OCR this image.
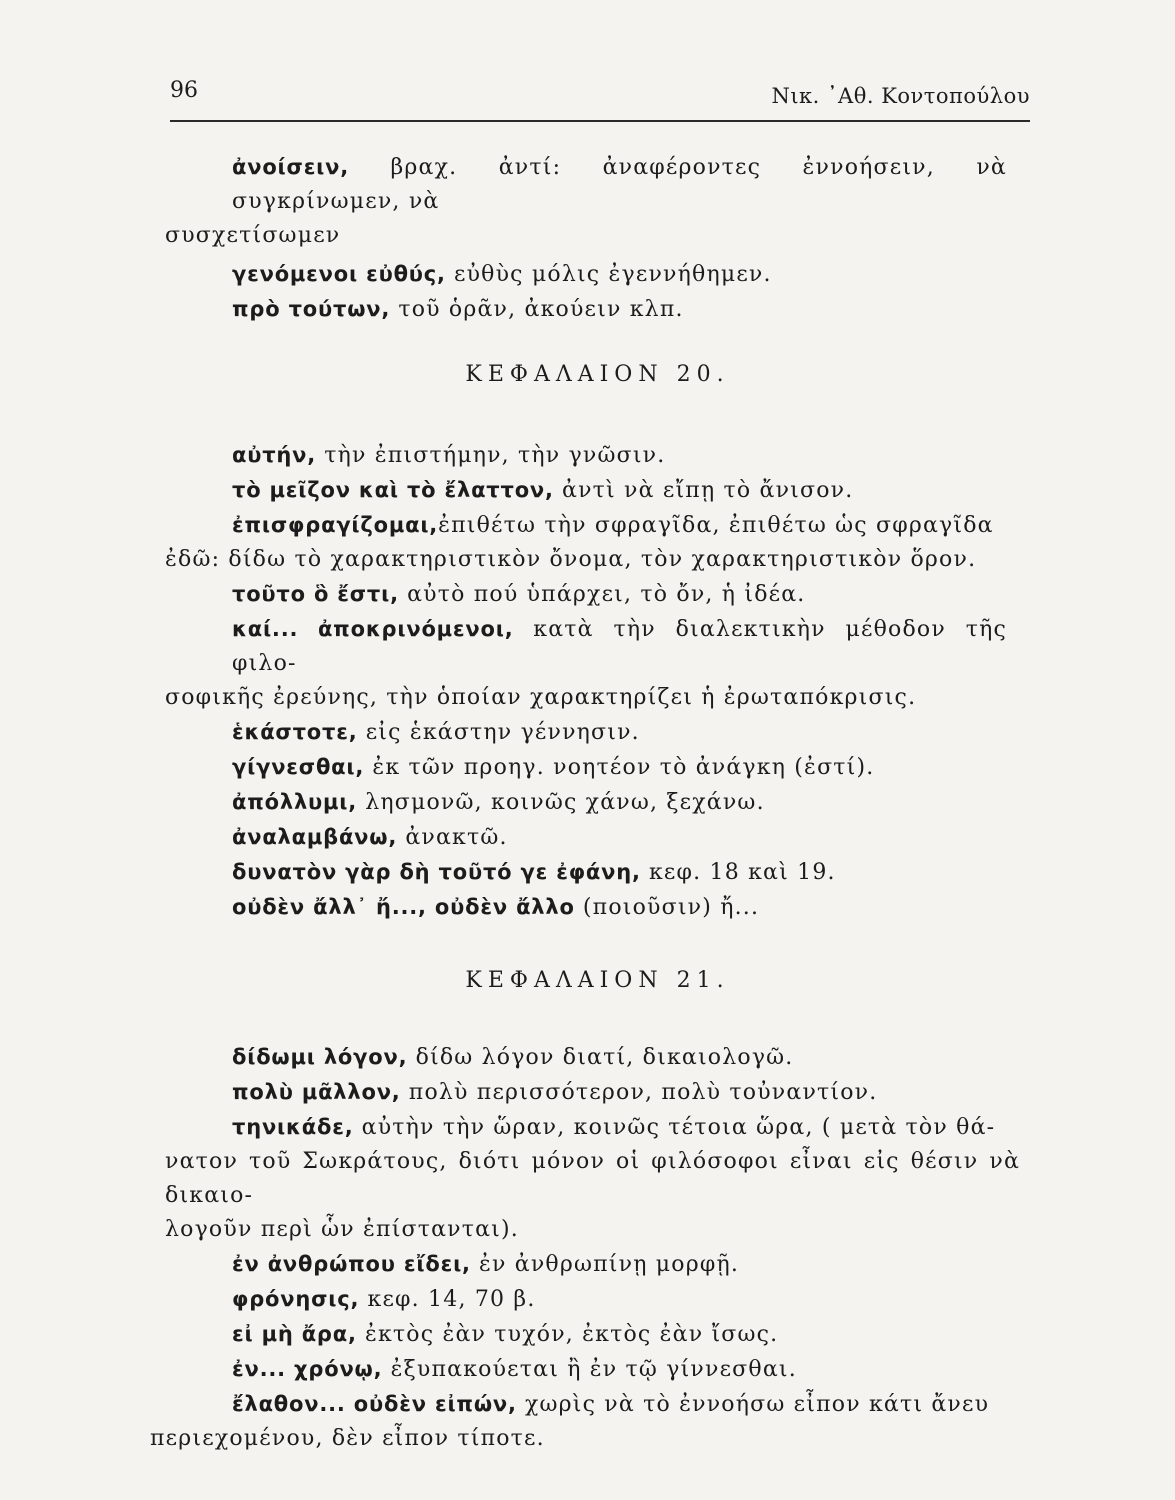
96	Νικ. ᾽Αθ. Κοντοπούλου

ἀνοίσειν, βραχ. ἀντί: ἀναφέροντες ἐννοήσειν, νὰ συγκρίνωμεν, νὰ

συσχετίσωμεν

γενόμενοι εὐθύς, εὐθὺς μόλις ἐγεννήθημεν.

πρὸ τούτων, τοῦ ὁρᾶν, ἀκούειν κλπ.

ΚΕΦΑΛΑΙΟΝ 20.

αὐτήν, τὴν ἐπιστήμην, τὴν γνῶσιν.

τὸ μεῖζον καὶ τὸ ἔλαττον, ἀντὶ νὰ εἴπῃ τὸ ἄνισον.

ἐπισφραγίζομαι,ἐπιθέτω τὴν σφραγῖδα, ἐπιθέτω ὡς σφραγῖδα

ἐδῶ: δίδω τὸ χαρακτηριστικὸν ὄνομα, τὸν χαρακτηριστικὸν ὅρον.

τοῦτο ὃ ἔστι, αὐτὸ πού ὑπάρχει, τὸ ὄν, ἡ ἰδέα.

καί... ἀποκρινόμενοι, κατὰ τὴν διαλεκτικὴν μέθοδον τῆς φιλο-

σοφικῆς ἐρεύνης, τὴν ὁποίαν χαρακτηρίζει ἡ ἐρωταπόκρισις.

ἑκάστοτε, εἰς ἑκάστην γέννησιν.

γίγνεσθαι, ἐκ τῶν προηγ. νοητέον τὸ ἀνάγκη (ἐστί).

ἀπόλλυμι, λησμονῶ, κοινῶς χάνω, ξεχάνω.

ἀναλαμβάνω, ἀνακτῶ.

δυνατὸν γὰρ δὴ τοῦτό γε ἐφάνη, κεφ. 18 καὶ 19.

οὐδὲν ἄλλ᾽ ἤ..., οὐδὲν ἄλλο (ποιοῦσιν) ἤ...

ΚΕΦΑΛΑΙΟΝ 21.

δίδωμι λόγον, δίδω λόγον διατί, δικαιολογῶ.

πολὺ μᾶλλον, πολὺ περισσότερον, πολὺ τοὐναντίον.

τηνικάδε, αὐτὴν τὴν ὥραν, κοινῶς τέτοια ὥρα, ( μετὰ τὸν θά-

νατον τοῦ Σωκράτους, διότι μόνον οἱ φιλόσοφοι εἶναι εἰς θέσιν νὰ δικαιο-

λογοῦν περὶ ὧν ἐπίστανται).

ἐν ἀνθρώπου εἴδει, ἐν ἀνθρωπίνῃ μορφῇ.

φρόνησις, κεφ. 14, 70 β.

εἰ μὴ ἄρα, ἐκτὸς ἐὰν τυχόν, ἐκτὸς ἐὰν ἴσως.

ἐν... χρόνῳ, ἐξυπακούεται ἢ ἐν τῷ γίννεσθαι.

ἔλαθον... οὐδὲν εἰπών, χωρὶς νὰ τὸ ἐννοήσω εἶπον κάτι ἄνευ

περιεχομένου, δὲν εἶπον τίποτε.
